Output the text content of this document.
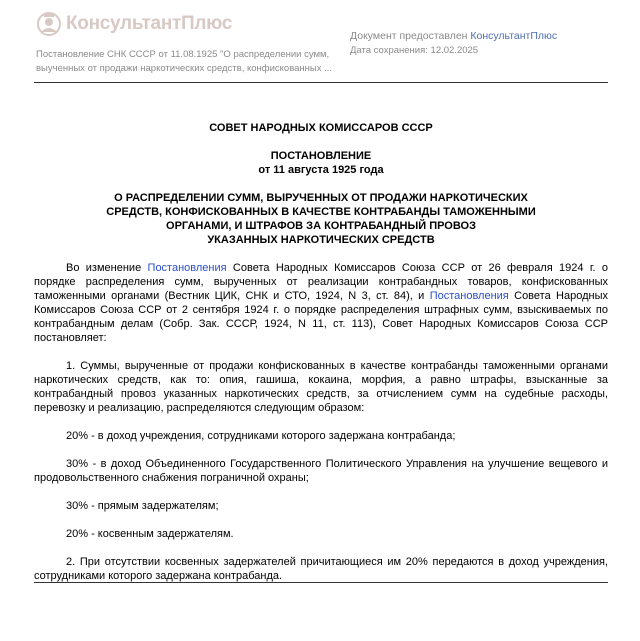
КонсультантПлюс
Постановление СНК СССР от 11.08.1925 "О распределении сумм, выученных от продажи наркотических средств, конфискованных ...
Документ предоставлен КонсультантПлюс
Дата сохранения: 12.02.2025
СОВЕТ НАРОДНЫХ КОМИССАРОВ СССР
ПОСТАНОВЛЕНИЕ
от 11 августа 1925 года
О РАСПРЕДЕЛЕНИИ СУММ, ВЫРУЧЕННЫХ ОТ ПРОДАЖИ НАРКОТИЧЕСКИХ
СРЕДСТВ, КОНФИСКОВАННЫХ В КАЧЕСТВЕ КОНТРАБАНДЫ ТАМОЖЕННЫМИ
ОРГАНАМИ, И ШТРАФОВ ЗА КОНТРАБАНДНЫЙ ПРОВОЗ
УКАЗАННЫХ НАРКОТИЧЕСКИХ СРЕДСТВ

Во изменение Постановления Совета Народных Комиссаров Союза ССР от 26 февраля 1924 г. о порядке распределения сумм, вырученных от реализации контрабандных товаров, конфискованных таможенными органами (Вестник ЦИК, СНК и СТО, 1924, N 3, ст. 84), и Постановления Совета Народных Комиссаров Союза ССР от 2 сентября 1924 г. о порядке распределения штрафных сумм, взыскиваемых по контрабандным делам (Собр. Зак. СССР, 1924, N 11, ст. 113), Совет Народных Комиссаров Союза ССР постановляет:

1. Суммы, вырученные от продажи конфискованных в качестве контрабанды таможенными органами наркотических средств, как то: опия, гашиша, кокаина, морфия, а равно штрафы, взысканные за контрабандный провоз указанных наркотических средств, за отчислением сумм на судебные расходы, перевозку и реализацию, распределяются следующим образом:

20% - в доход учреждения, сотрудниками которого задержана контрабанда;

30% - в доход Объединенного Государственного Политического Управления на улучшение вещевого и продовольственного снабжения пограничной охраны;

30% - прямым задержателям;

20% - косвенным задержателям.

2. При отсутствии косвенных задержателей причитающиеся им 20% передаются в доход учреждения, сотрудниками которого задержана контрабанда.
